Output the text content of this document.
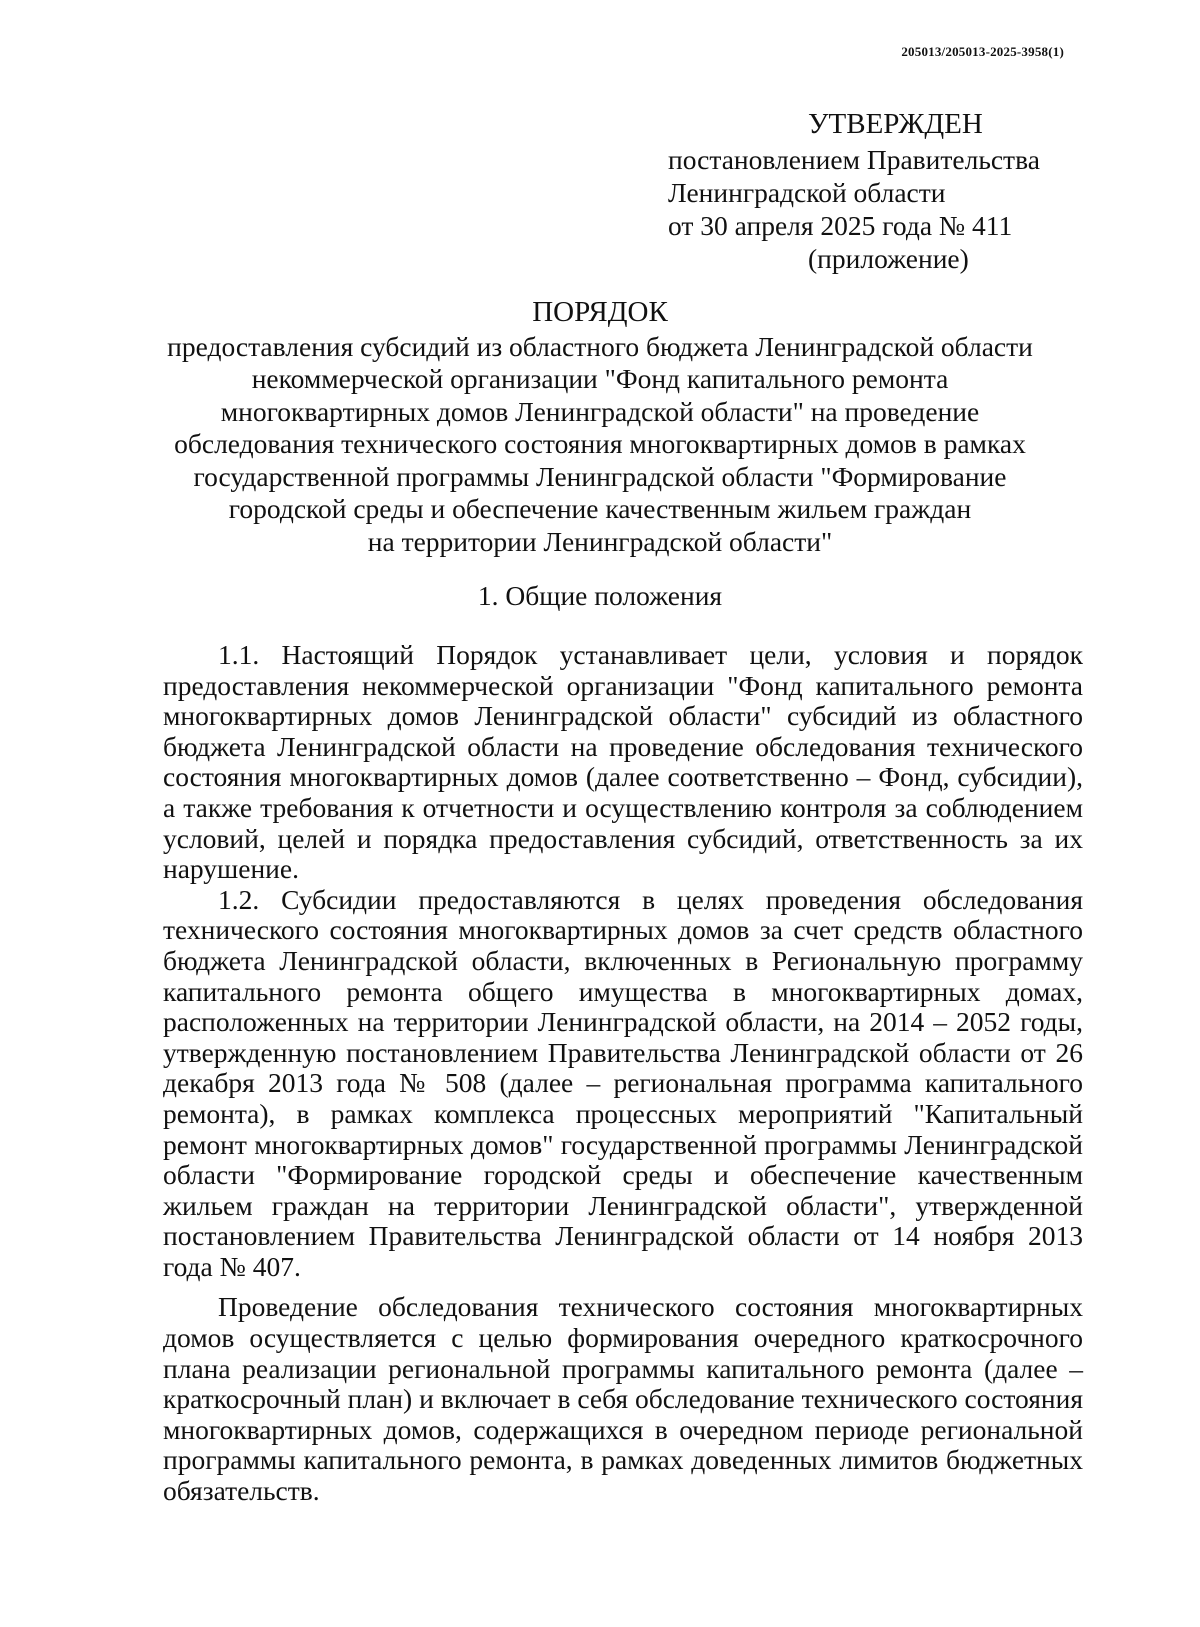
205013/205013-2025-3958(1)
УТВЕРЖДЕН
постановлением Правительства
Ленинградской области
от 30 апреля 2025 года № 411
(приложение)
ПОРЯДОК
предоставления субсидий из областного бюджета Ленинградской области
некоммерческой организации "Фонд капитального ремонта
многоквартирных домов Ленинградской области" на проведение
обследования технического состояния многоквартирных домов в рамках
государственной программы Ленинградской области "Формирование
городской среды и обеспечение качественным жильем граждан
на территории Ленинградской области"
1. Общие положения

1.1. Настоящий Порядок устанавливает цели, условия и порядок предоставления некоммерческой организации "Фонд капитального ремонта многоквартирных домов Ленинградской области" субсидий из областного бюджета Ленинградской области на проведение обследования технического состояния многоквартирных домов (далее соответственно – Фонд, субсидии), а также требования к отчетности и осуществлению контроля за соблюдением условий, целей и порядка предоставления субсидий, ответственность за их нарушение.

1.2. Субсидии предоставляются в целях проведения обследования технического состояния многоквартирных домов за счет средств областного бюджета Ленинградской области, включенных в Региональную программу капитального ремонта общего имущества в многоквартирных домах, расположенных на территории Ленинградской области, на 2014 – 2052 годы, утвержденную постановлением Правительства Ленинградской области от 26 декабря 2013 года № 508 (далее – региональная программа капитального ремонта), в рамках комплекса процессных мероприятий "Капитальный ремонт многоквартирных домов" государственной программы Ленинградской области "Формирование городской среды и обеспечение качественным жильем граждан на территории Ленинградской области", утвержденной постановлением Правительства Ленинградской области от 14 ноября 2013 года № 407.

Проведение обследования технического состояния многоквартирных домов осуществляется с целью формирования очередного краткосрочного плана реализации региональной программы капитального ремонта (далее – краткосрочный план) и включает в себя обследование технического состояния многоквартирных домов, содержащихся в очередном периоде региональной программы капитального ремонта, в рамках доведенных лимитов бюджетных обязательств.
